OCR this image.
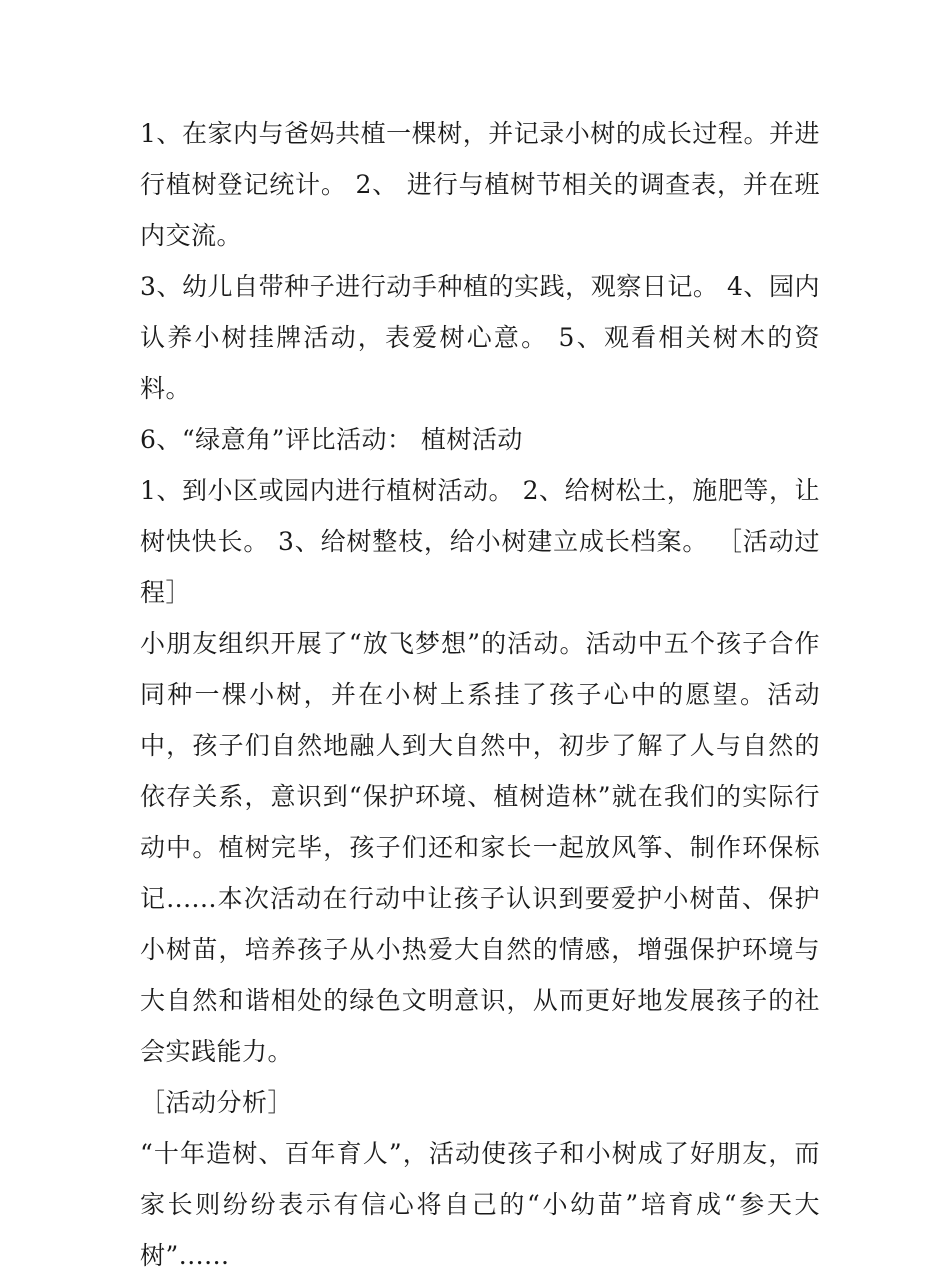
1、在家内与爸妈共植一棵树，并记录小树的成长过程。并进行植树登记统计。 2、 进行与植树节相关的调查表，并在班内交流。

3、幼儿自带种子进行动手种植的实践，观察日记。 4、园内认养小树挂牌活动，表爱树心意。 5、观看相关树木的资料。

6、“绿意角”评比活动： 植树活动

1、到小区或园内进行植树活动。 2、给树松土，施肥等，让树快快长。 3、给树整枝，给小树建立成长档案。 ［活动过程］

小朋友组织开展了“放飞梦想”的活动。活动中五个孩子合作同种一棵小树，并在小树上系挂了孩子心中的愿望。活动中，孩子们自然地融人到大自然中，初步了解了人与自然的依存关系，意识到“保护环境、植树造林”就在我们的实际行动中。植树完毕，孩子们还和家长一起放风筝、制作环保标记......本次活动在行动中让孩子认识到要爱护小树苗、保护小树苗，培养孩子从小热爱大自然的情感，增强保护环境与大自然和谐相处的绿色文明意识，从而更好地发展孩子的社会实践能力。

［活动分析］

“十年造树、百年育人”，活动使孩子和小树成了好朋友，而家长则纷纷表示有信心将自己的“小幼苗”培育成“参天大树”......
